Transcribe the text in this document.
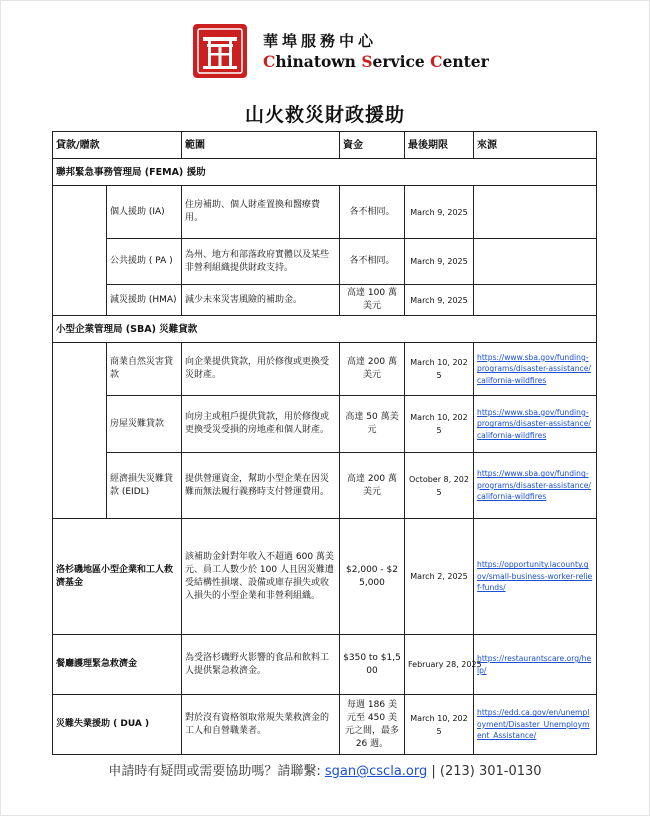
華埠服務中心
Chinatown Service Center
山火救災財政援助
貸款/贈款		範圍	資金	最後期限	來源
聯邦緊急事務管理局 (FEMA) 援助					
	個人援助 (IA)	住房補助、個人財產置換和醫療費用。	各不相同。	March 9, 2025	
	公共援助 ( PA )	為州、地方和部落政府實體以及某些非營利組織提供財政支持。	各不相同。	March 9, 2025	
	減災援助 (HMA)	減少未來災害風險的補助金。	高達 100 萬美元	March 9, 2025	
小型企業管理局 (SBA) 災難貸款					
	商業自然災害貸款	向企業提供貸款，用於修復或更換受災財產。	高達 200 萬美元	March 10, 2025	https://www.sba.gov/funding-programs/disaster-assistance/california-wildfires
	房屋災難貸款	向房主或租戶提供貸款，用於修復或更換受災受損的房地產和個人財產。	高達 50 萬美元	March 10, 2025	https://www.sba.gov/funding-programs/disaster-assistance/california-wildfires
	經濟損失災難貸款 (EIDL)	提供營運資金，幫助小型企業在因災難而無法履行義務時支付營運費用。	高達 200 萬美元	October 8, 2025	https://www.sba.gov/funding-programs/disaster-assistance/california-wildfires
洛杉磯地區小型企業和工人救濟基金		該補助金針對年收入不超過 600 萬美元、員工人數少於 100 人且因災難遭受結構性損壞、設備或庫存損失或收入損失的小型企業和非營利組織。	$2,000 - $25,000	March 2, 2025	https://opportunity.lacounty.gov/small-business-worker-relief-funds/
餐廳護理緊急救濟金		為受洛杉磯野火影響的食品和飲料工人提供緊急救濟金。	$350 to $1,500	February 28, 2025	https://restaurantscare.org/help/
災難失業援助 ( DUA )		對於沒有資格領取常規失業救濟金的工人和自營職業者。	每週 186 美元至 450 美元之間，最多 26 週。	March 10, 2025	https://edd.ca.gov/en/unemployment/Disaster_Unemployment_Assistance/
申請時有疑問或需要協助嗎？請聯繫: sgan@cscla.org | (213) 301-0130
